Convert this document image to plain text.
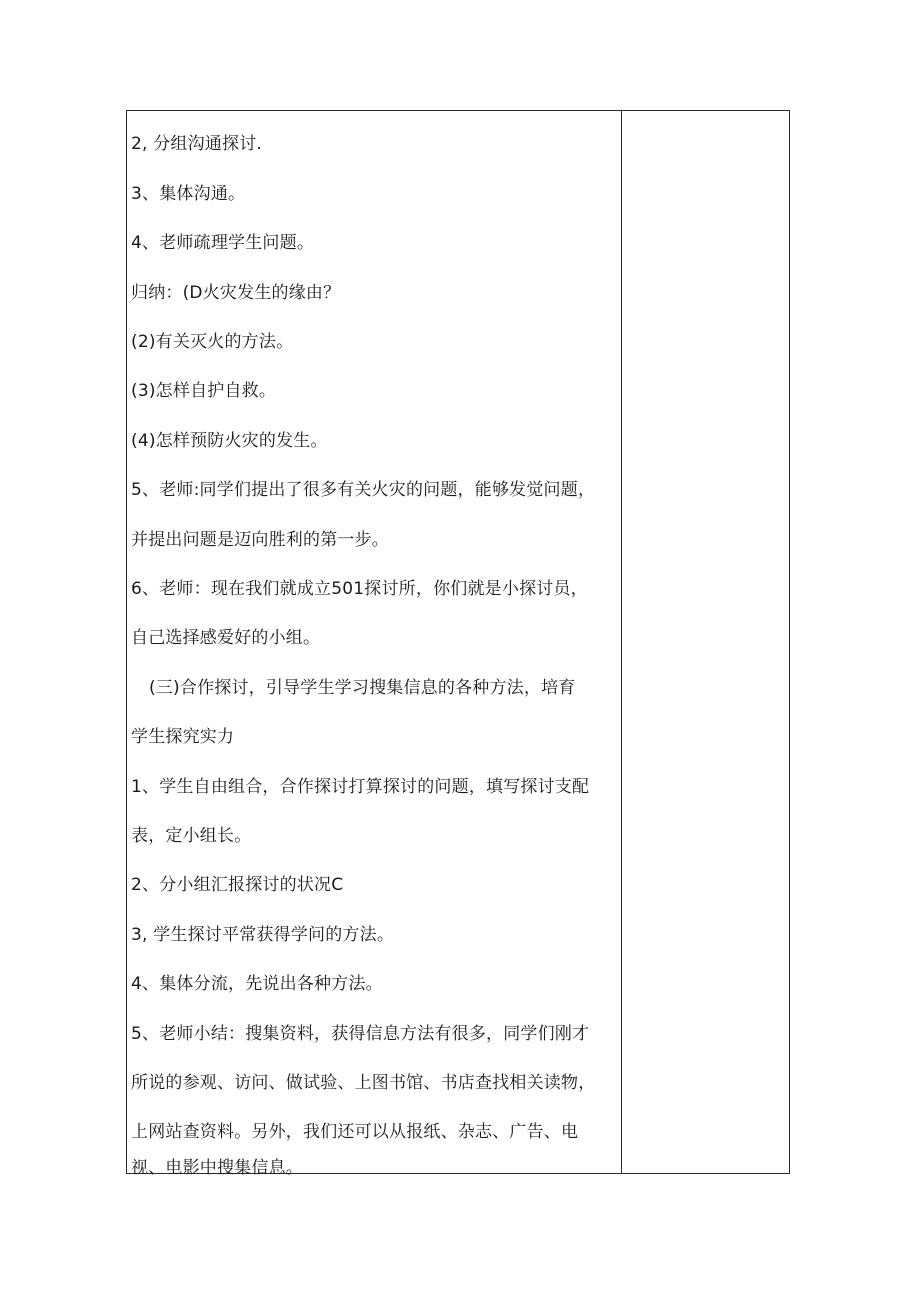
2, 分组沟通探讨.
3、集体沟通。
4、老师疏理学生问题。
归纳：(D火灾发生的缘由？
(2)有关灭火的方法。
(3)怎样自护自救。
(4)怎样预防火灾的发生。
5、老师:同学们提出了很多有关火灾的问题，能够发觉问题，
并提出问题是迈向胜利的第一步。
6、老师：现在我们就成立501探讨所，你们就是小探讨员，
自己选择感爱好的小组。
(三)合作探讨，引导学生学习搜集信息的各种方法，培育
学生探究实力
1、学生自由组合，合作探讨打算探讨的问题，填写探讨支配
表，定小组长。
2、分小组汇报探讨的状况C
3, 学生探讨平常获得学问的方法。
4、集体分流，先说出各种方法。
5、老师小结：搜集资料，获得信息方法有很多，同学们刚才
所说的参观、访问、做试验、上图书馆、书店查找相关读物，
上网站查资料。另外，我们还可以从报纸、杂志、广告、电
视、电影中搜集信息。
